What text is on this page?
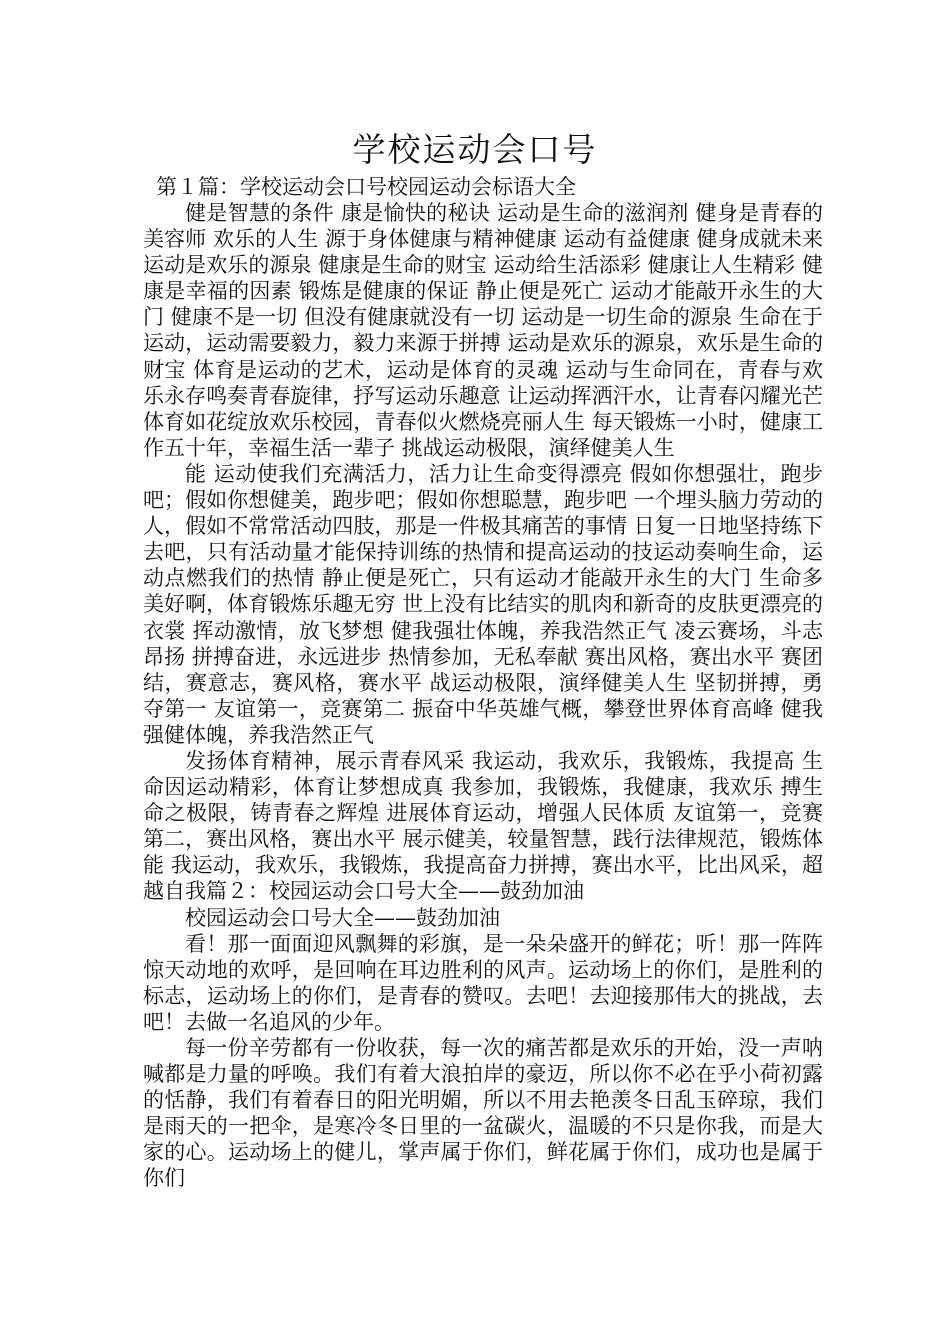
学校运动会口号
第１篇：学校运动会口号校园运动会标语大全

健是智慧的条件 康是愉快的秘诀 运动是生命的滋润剂 健身是青春的美容师 欢乐的人生 源于身体健康与精神健康 运动有益健康 健身成就未来 运动是欢乐的源泉 健康是生命的财宝 运动给生活添彩 健康让人生精彩 健康是幸福的因素 锻炼是健康的保证 静止便是死亡 运动才能敲开永生的大门 健康不是一切 但没有健康就没有一切 运动是一切生命的源泉 生命在于运动，运动需要毅力，毅力来源于拼搏 运动是欢乐的源泉，欢乐是生命的财宝 体育是运动的艺术，运动是体育的灵魂 运动与生命同在，青春与欢乐永存鸣奏青春旋律，抒写运动乐趣意 让运动挥洒汗水，让青春闪耀光芒 体育如花绽放欢乐校园，青春似火燃烧亮丽人生 每天锻炼一小时，健康工作五十年，幸福生活一辈子 挑战运动极限，演绎健美人生

能 运动使我们充满活力，活力让生命变得漂亮 假如你想强壮，跑步吧；假如你想健美，跑步吧；假如你想聪慧，跑步吧 一个埋头脑力劳动的人，假如不常常活动四肢，那是一件极其痛苦的事情 日复一日地坚持练下去吧，只有活动量才能保持训练的热情和提高运动的技运动奏响生命，运动点燃我们的热情 静止便是死亡，只有运动才能敲开永生的大门 生命多美好啊，体育锻炼乐趣无穷 世上没有比结实的肌肉和新奇的皮肤更漂亮的衣裳 挥动激情，放飞梦想 健我强壮体魄，养我浩然正气 凌云赛场，斗志昂扬 拼搏奋进，永远进步 热情参加，无私奉献 赛出风格，赛出水平 赛团结，赛意志，赛风格，赛水平 战运动极限，演绎健美人生 坚韧拼搏，勇夺第一 友谊第一，竞赛第二 振奋中华英雄气概，攀登世界体育高峰 健我强健体魄，养我浩然正气

发扬体育精神，展示青春风采 我运动，我欢乐，我锻炼，我提高 生命因运动精彩，体育让梦想成真 我参加，我锻炼，我健康，我欢乐 搏生命之极限，铸青春之辉煌 进展体育运动，增强人民体质 友谊第一，竞赛第二，赛出风格，赛出水平 展示健美，较量智慧，践行法律规范，锻炼体能 我运动，我欢乐，我锻炼，我提高奋力拼搏，赛出水平，比出风采，超越自我篇２：校园运动会口号大全——鼓劲加油

校园运动会口号大全——鼓劲加油

看！那一面面迎风飘舞的彩旗，是一朵朵盛开的鲜花；听！那一阵阵惊天动地的欢呼，是回响在耳边胜利的风声。运动场上的你们，是胜利的标志，运动场上的你们，是青春的赞叹。去吧！去迎接那伟大的挑战，去吧！去做一名追风的少年。

每一份辛劳都有一份收获，每一次的痛苦都是欢乐的开始，没一声呐喊都是力量的呼唤。我们有着大浪拍岸的豪迈，所以你不必在乎小荷初露的恬静，我们有着春日的阳光明媚，所以不用去艳羡冬日乱玉碎琼，我们是雨天的一把伞，是寒冷冬日里的一盆碳火，温暖的不只是你我，而是大家的心。运动场上的健儿，掌声属于你们，鲜花属于你们，成功也是属于你们
